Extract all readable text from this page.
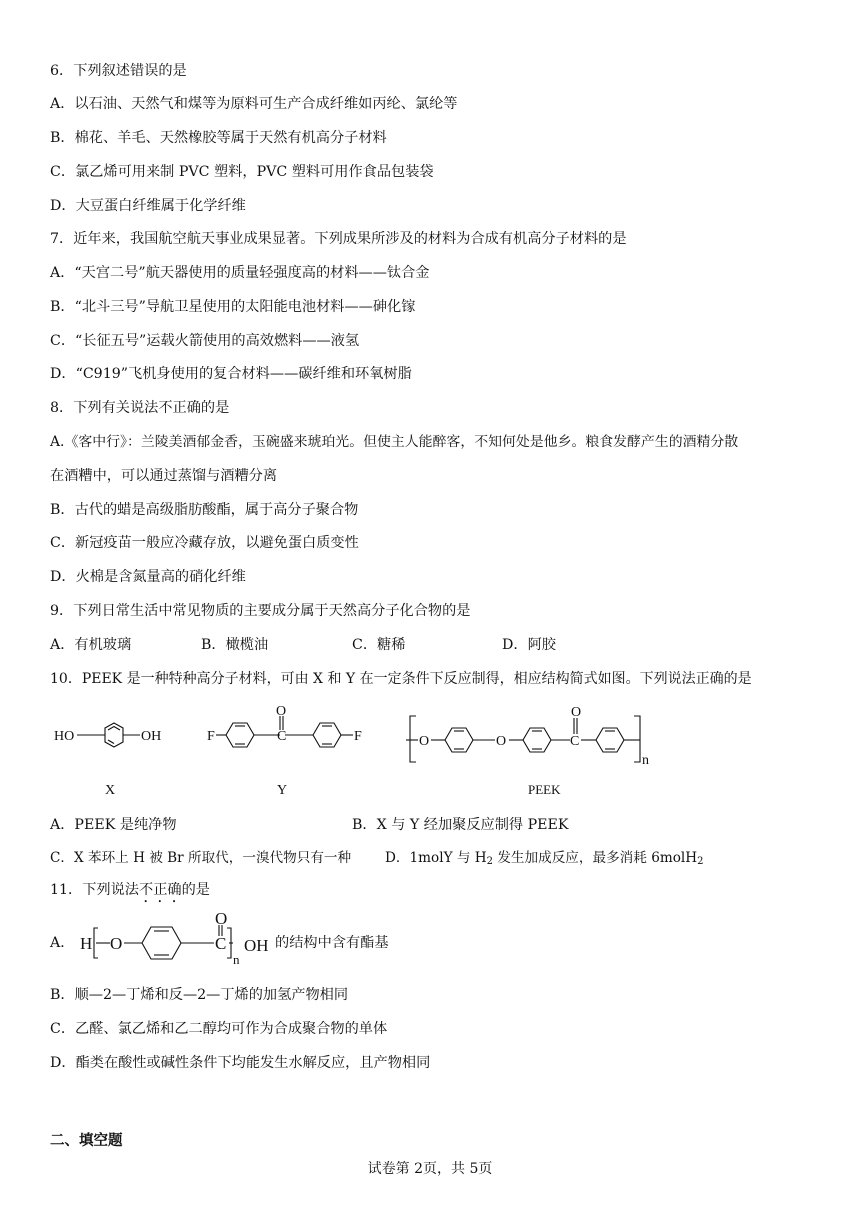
6．下列叙述错误的是
A．以石油、天然气和煤等为原料可生产合成纤维如丙纶、氯纶等
B．棉花、羊毛、天然橡胶等属于天然有机高分子材料
C．氯乙烯可用来制 PVC 塑料，PVC 塑料可用作食品包装袋
D．大豆蛋白纤维属于化学纤维
7．近年来，我国航空航天事业成果显著。下列成果所涉及的材料为合成有机高分子材料的是
A．“天宫二号”航天器使用的质量轻强度高的材料——钛合金
B．“北斗三号”导航卫星使用的太阳能电池材料——砷化镓
C．“长征五号”运载火箭使用的高效燃料——液氢
D．“C919”飞机身使用的复合材料——碳纤维和环氧树脂
8．下列有关说法不正确的是
A.《客中行》：兰陵美酒郁金香，玉碗盛来琥珀光。但使主人能醉客，不知何处是他乡。粮食发酵产生的酒精分散
在酒糟中，可以通过蒸馏与酒糟分离
B．古代的蜡是高级脂肪酸酯，属于高分子聚合物
C．新冠疫苗一般应冷藏存放，以避免蛋白质变性
D．火棉是含氮量高的硝化纤维
9．下列日常生活中常见物质的主要成分属于天然高分子化合物的是
A．有机玻璃	B．橄榄油	C．糖稀	D．阿胶
10．PEEK 是一种特种高分子材料，可由 X 和 Y 在一定条件下反应制得，相应结构简式如图。下列说法正确的是
HO	OH	F	C
O
F	O	O	C
O
n
X	Y	PEEK
A．PEEK 是纯净物	B．X 与 Y 经加聚反应制得 PEEK
C．X 苯环上 H 被 Br 所取代，一溴代物只有一种 D．1molY 与 $H_2$ 发生加成反应，最多消耗 6molH$_2$
11．下列说法不正确的是
A． H O	C
O
OH
n
的结构中含有酯基
B．顺—2—丁烯和反—2—丁烯的加氢产物相同
C．乙醛、氯乙烯和乙二醇均可作为合成聚合物的单体
D．酯类在酸性或碱性条件下均能发生水解反应，且产物相同
二、填空题
试卷第 2页，共 5页
